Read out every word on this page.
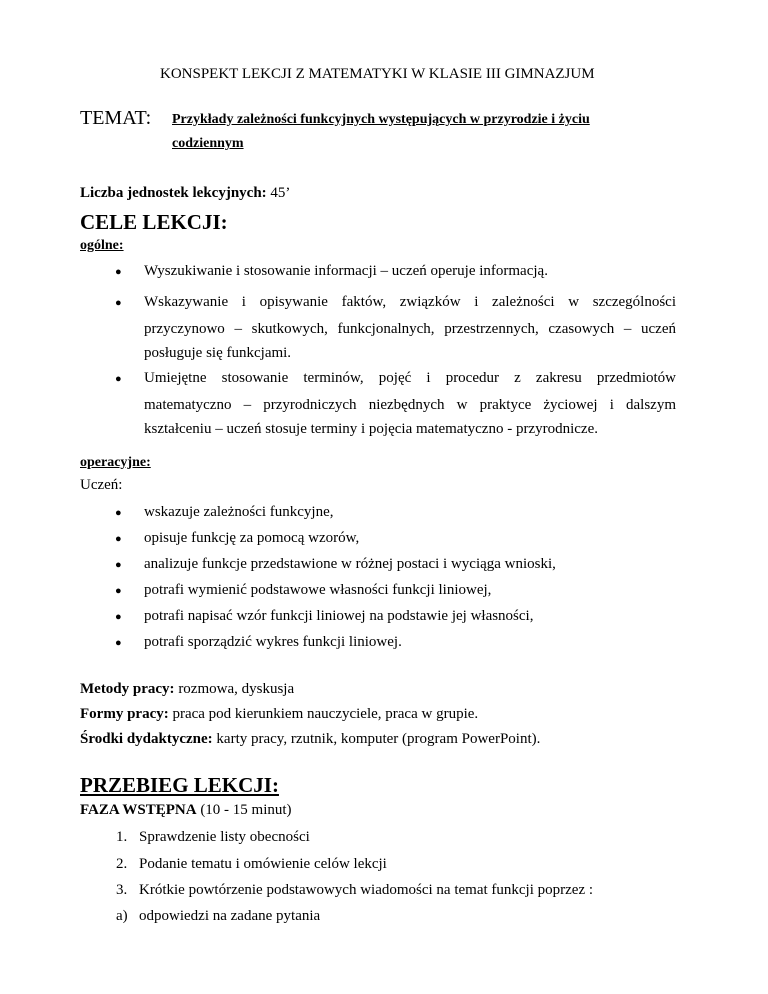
KONSPEKT LEKCJI Z MATEMATYKI W KLASIE III GIMNAZJUM
TEMAT: Przykłady zależności funkcyjnych występujących w przyrodzie i życiu
codziennym
Liczba jednostek lekcyjnych: 45’
CELE LEKCJI:
ogólne:
● Wyszukiwanie i stosowanie informacji – uczeń operuje informacją.
● Wskazywanie i opisywanie faktów, związków i zależności w szczególności
przyczynowo – skutkowych, funkcjonalnych, przestrzennych, czasowych – uczeń
posługuje się funkcjami.
● Umiejętne stosowanie terminów, pojęć i procedur z zakresu przedmiotów
matematyczno – przyrodniczych niezbędnych w praktyce życiowej i dalszym
kształceniu – uczeń stosuje terminy i pojęcia matematyczno - przyrodnicze.
operacyjne:
Uczeń:
● wskazuje zależności funkcyjne,
● opisuje funkcję za pomocą wzorów,
● analizuje funkcje przedstawione w różnej postaci i wyciąga wnioski,
● potrafi wymienić podstawowe własności funkcji liniowej,
● potrafi napisać wzór funkcji liniowej na podstawie jej własności,
● potrafi sporządzić wykres funkcji liniowej.
Metody pracy: rozmowa, dyskusja
Formy pracy: praca pod kierunkiem nauczyciele, praca w grupie.
Środki dydaktyczne: karty pracy, rzutnik, komputer (program PowerPoint).
PRZEBIEG LEKCJI:
FAZA WSTĘPNA (10 - 15 minut)
1. Sprawdzenie listy obecności
2. Podanie tematu i omówienie celów lekcji
3. Krótkie powtórzenie podstawowych wiadomości na temat funkcji poprzez :
a) odpowiedzi na zadane pytania
